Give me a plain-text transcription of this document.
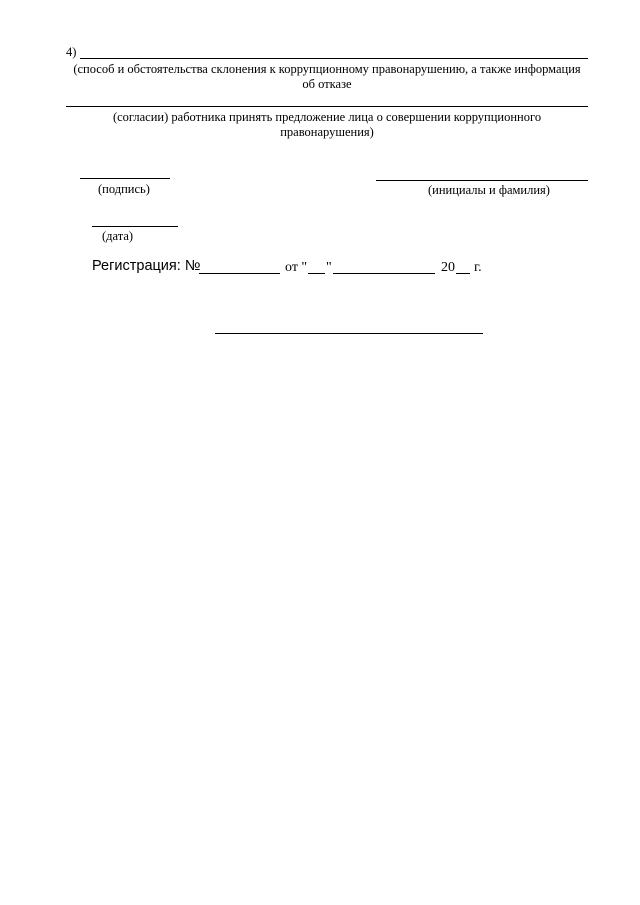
4)
(способ и обстоятельства склонения к коррупционному правонарушению, а также информация
об отказе
(согласии) работника принять предложение лица о совершении коррупционного
правонарушения)
(подпись)	(инициалы и фамилия)
(дата)
Регистрация: №	от " "	20 г.
